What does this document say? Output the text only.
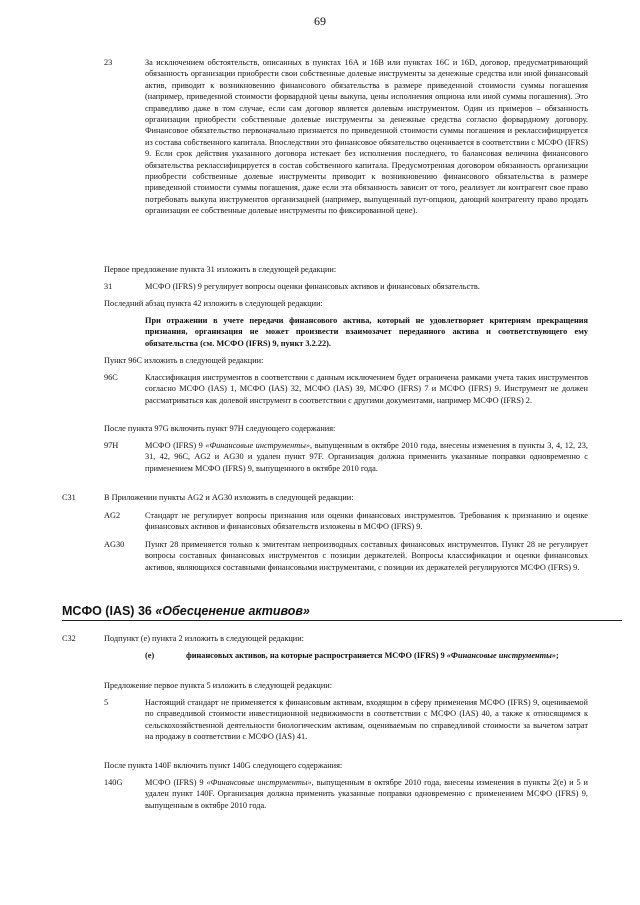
69
23	За исключением обстоятельств, описанных в пунктах 16А и 16В или пунктах 16С и 16D, договор, предусматривающий обязанность организации приобрести свои собственные долевые инструменты за денежные средства или иной финансовый актив, приводит к возникновению финансового обязательства в размере приведенной стоимости суммы погашения (например, приведенной стоимости форвардной цены выкупа, цены исполнения опциона или иной суммы погашения). Это справедливо даже в том случае, если сам договор является долевым инструментом. Один из примеров – обязанность организации приобрести собственные долевые инструменты за денежные средства согласно форвардному договору. Финансовое обязательство первоначально признается по приведенной стоимости суммы погашения и реклассифицируется из состава собственного капитала. Впоследствии это финансовое обязательство оценивается в соответствии с МСФО (IFRS) 9. Если срок действия указанного договора истекает без исполнения последнего, то балансовая величина финансового обязательства реклассифицируется в состав собственного капитала. Предусмотренная договором обязанность организации приобрести собственные долевые инструменты приводит к возникновению финансового обязательства в размере приведенной стоимости суммы погашения, даже если эта обязанность зависит от того, реализует ли контрагент свое право потребовать выкупа инструментов организацией (например, выпущенный пут-опцион, дающий контрагенту право продать организации ее собственные долевые инструменты по фиксированной цене).
Первое предложение пункта 31 изложить в следующей редакции:
31	МСФО (IFRS) 9 регулирует вопросы оценки финансовых активов и финансовых обязательств.
Последний абзац пункта 42 изложить в следующей редакции:
При отражении в учете передачи финансового актива, который не удовлетворяет критериям прекращения признания, организация не может произвести взаимозачет переданного актива и соответствующего ему обязательства (см. МСФО (IFRS) 9, пункт 3.2.22).
Пункт 96С изложить в следующей редакции:
96С	Классификация инструментов в соответствии с данным исключением будет ограничена рамками учета таких инструментов согласно МСФО (IAS) 1, МСФО (IAS) 32, МСФО (IAS) 39, МСФО (IFRS) 7 и МСФО (IFRS) 9. Инструмент не должен рассматриваться как долевой инструмент в соответствии с другими документами, например МСФО (IFRS) 2.
После пункта 97G включить пункт 97Н следующего содержания:
97Н	МСФО (IFRS) 9 «Финансовые инструменты», выпущенным в октябре 2010 года, внесены изменения в пункты 3, 4, 12, 23, 31, 42, 96С, AG2 и AG30 и удален пункт 97F. Организация должна применить указанные поправки одновременно с применением МСФО (IFRS) 9, выпущенного в октябре 2010 года.
С31	В Приложении пункты AG2 и AG30 изложить в следующей редакции:
AG2	Стандарт не регулирует вопросы признания или оценки финансовых инструментов. Требования к признанию и оценке финансовых активов и финансовых обязательств изложены в МСФО (IFRS) 9.
AG30 Пункт 28 применяется только к эмитентам непроизводных составных финансовых инструментов. Пункт 28 не регулирует вопросы составных финансовых инструментов с позиции держателей. Вопросы классификации и оценки финансовых активов, являющихся составными финансовыми инструментами, с позиции их держателей регулируются МСФО (IFRS) 9.
МСФО (IAS) 36 «Обесценение активов»
С32	Подпункт (е) пункта 2 изложить в следующей редакции:
(е)	финансовых активов, на которые распространяется МСФО (IFRS) 9 «Финансовые инструменты»;
Предложение первое пункта 5 изложить в следующей редакции:
5	Настоящий стандарт не применяется к финансовым активам, входящим в сферу применения МСФО (IFRS) 9, оцениваемой по справедливой стоимости инвестиционной недвижимости в соответствии с МСФО (IAS) 40, а также к относящимся к сельскохозяйственной деятельности биологическим активам, оцениваемым по справедливой стоимости за вычетом затрат на продажу в соответствии с МСФО (IAS) 41.
После пункта 140F включить пункт 140G следующего содержания:
140G	МСФО (IFRS) 9 «Финансовые инструменты», выпущенным в октябре 2010 года, внесены изменения в пункты 2(е) и 5 и удален пункт 140F. Организация должна применить указанные поправки одновременно с применением МСФО (IFRS) 9, выпущенным в октябре 2010 года.
